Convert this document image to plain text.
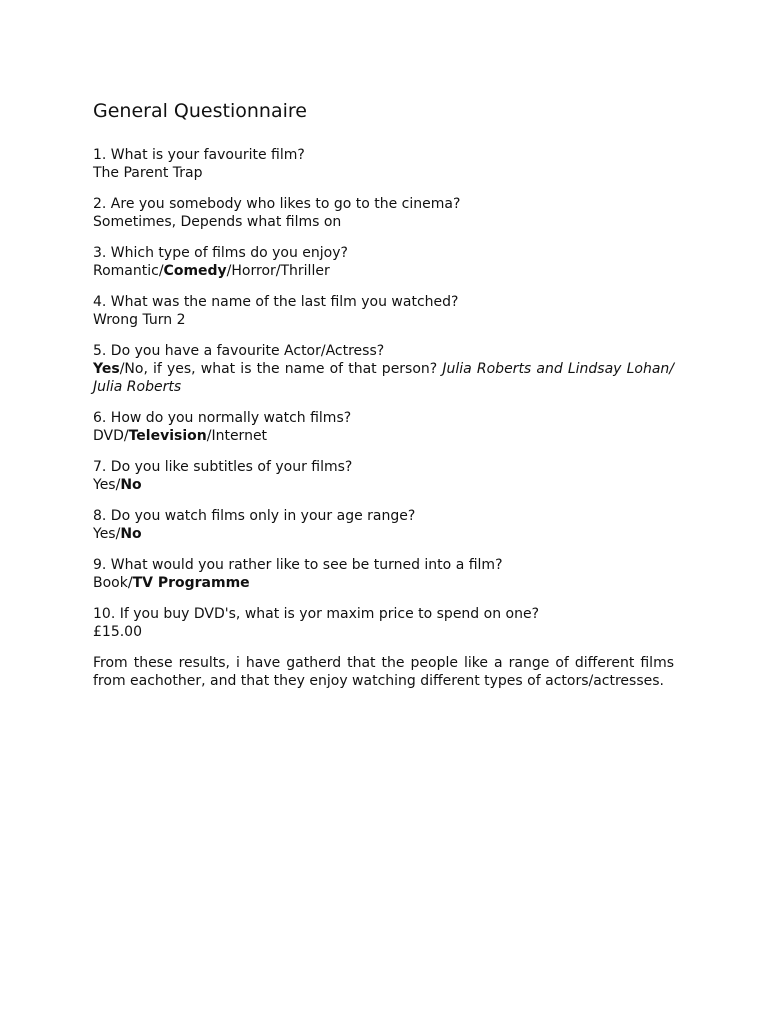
General Questionnaire

1. What is your favourite film?

The Parent Trap

2. Are you somebody who likes to go to the cinema?

Sometimes, Depends what films on

3. Which type of films do you enjoy?

Romantic/Comedy/Horror/Thriller

4. What was the name of the last film you watched?

Wrong Turn 2

5. Do you have a favourite Actor/Actress?

Yes/No, if yes, what is the name of that person? Julia Roberts and Lindsay Lohan/ Julia Roberts

6. How do you normally watch films?

DVD/Television/Internet

7. Do you like subtitles of your films?

Yes/No

8. Do you watch films only in your age range?

Yes/No

9. What would you rather like to see be turned into a film?

Book/TV Programme

10. If you buy DVD's, what is yor maxim price to spend on one?

£15.00

From these results, i have gatherd that the people like a range of different films from eachother, and that they enjoy watching different types of actors/actresses.
